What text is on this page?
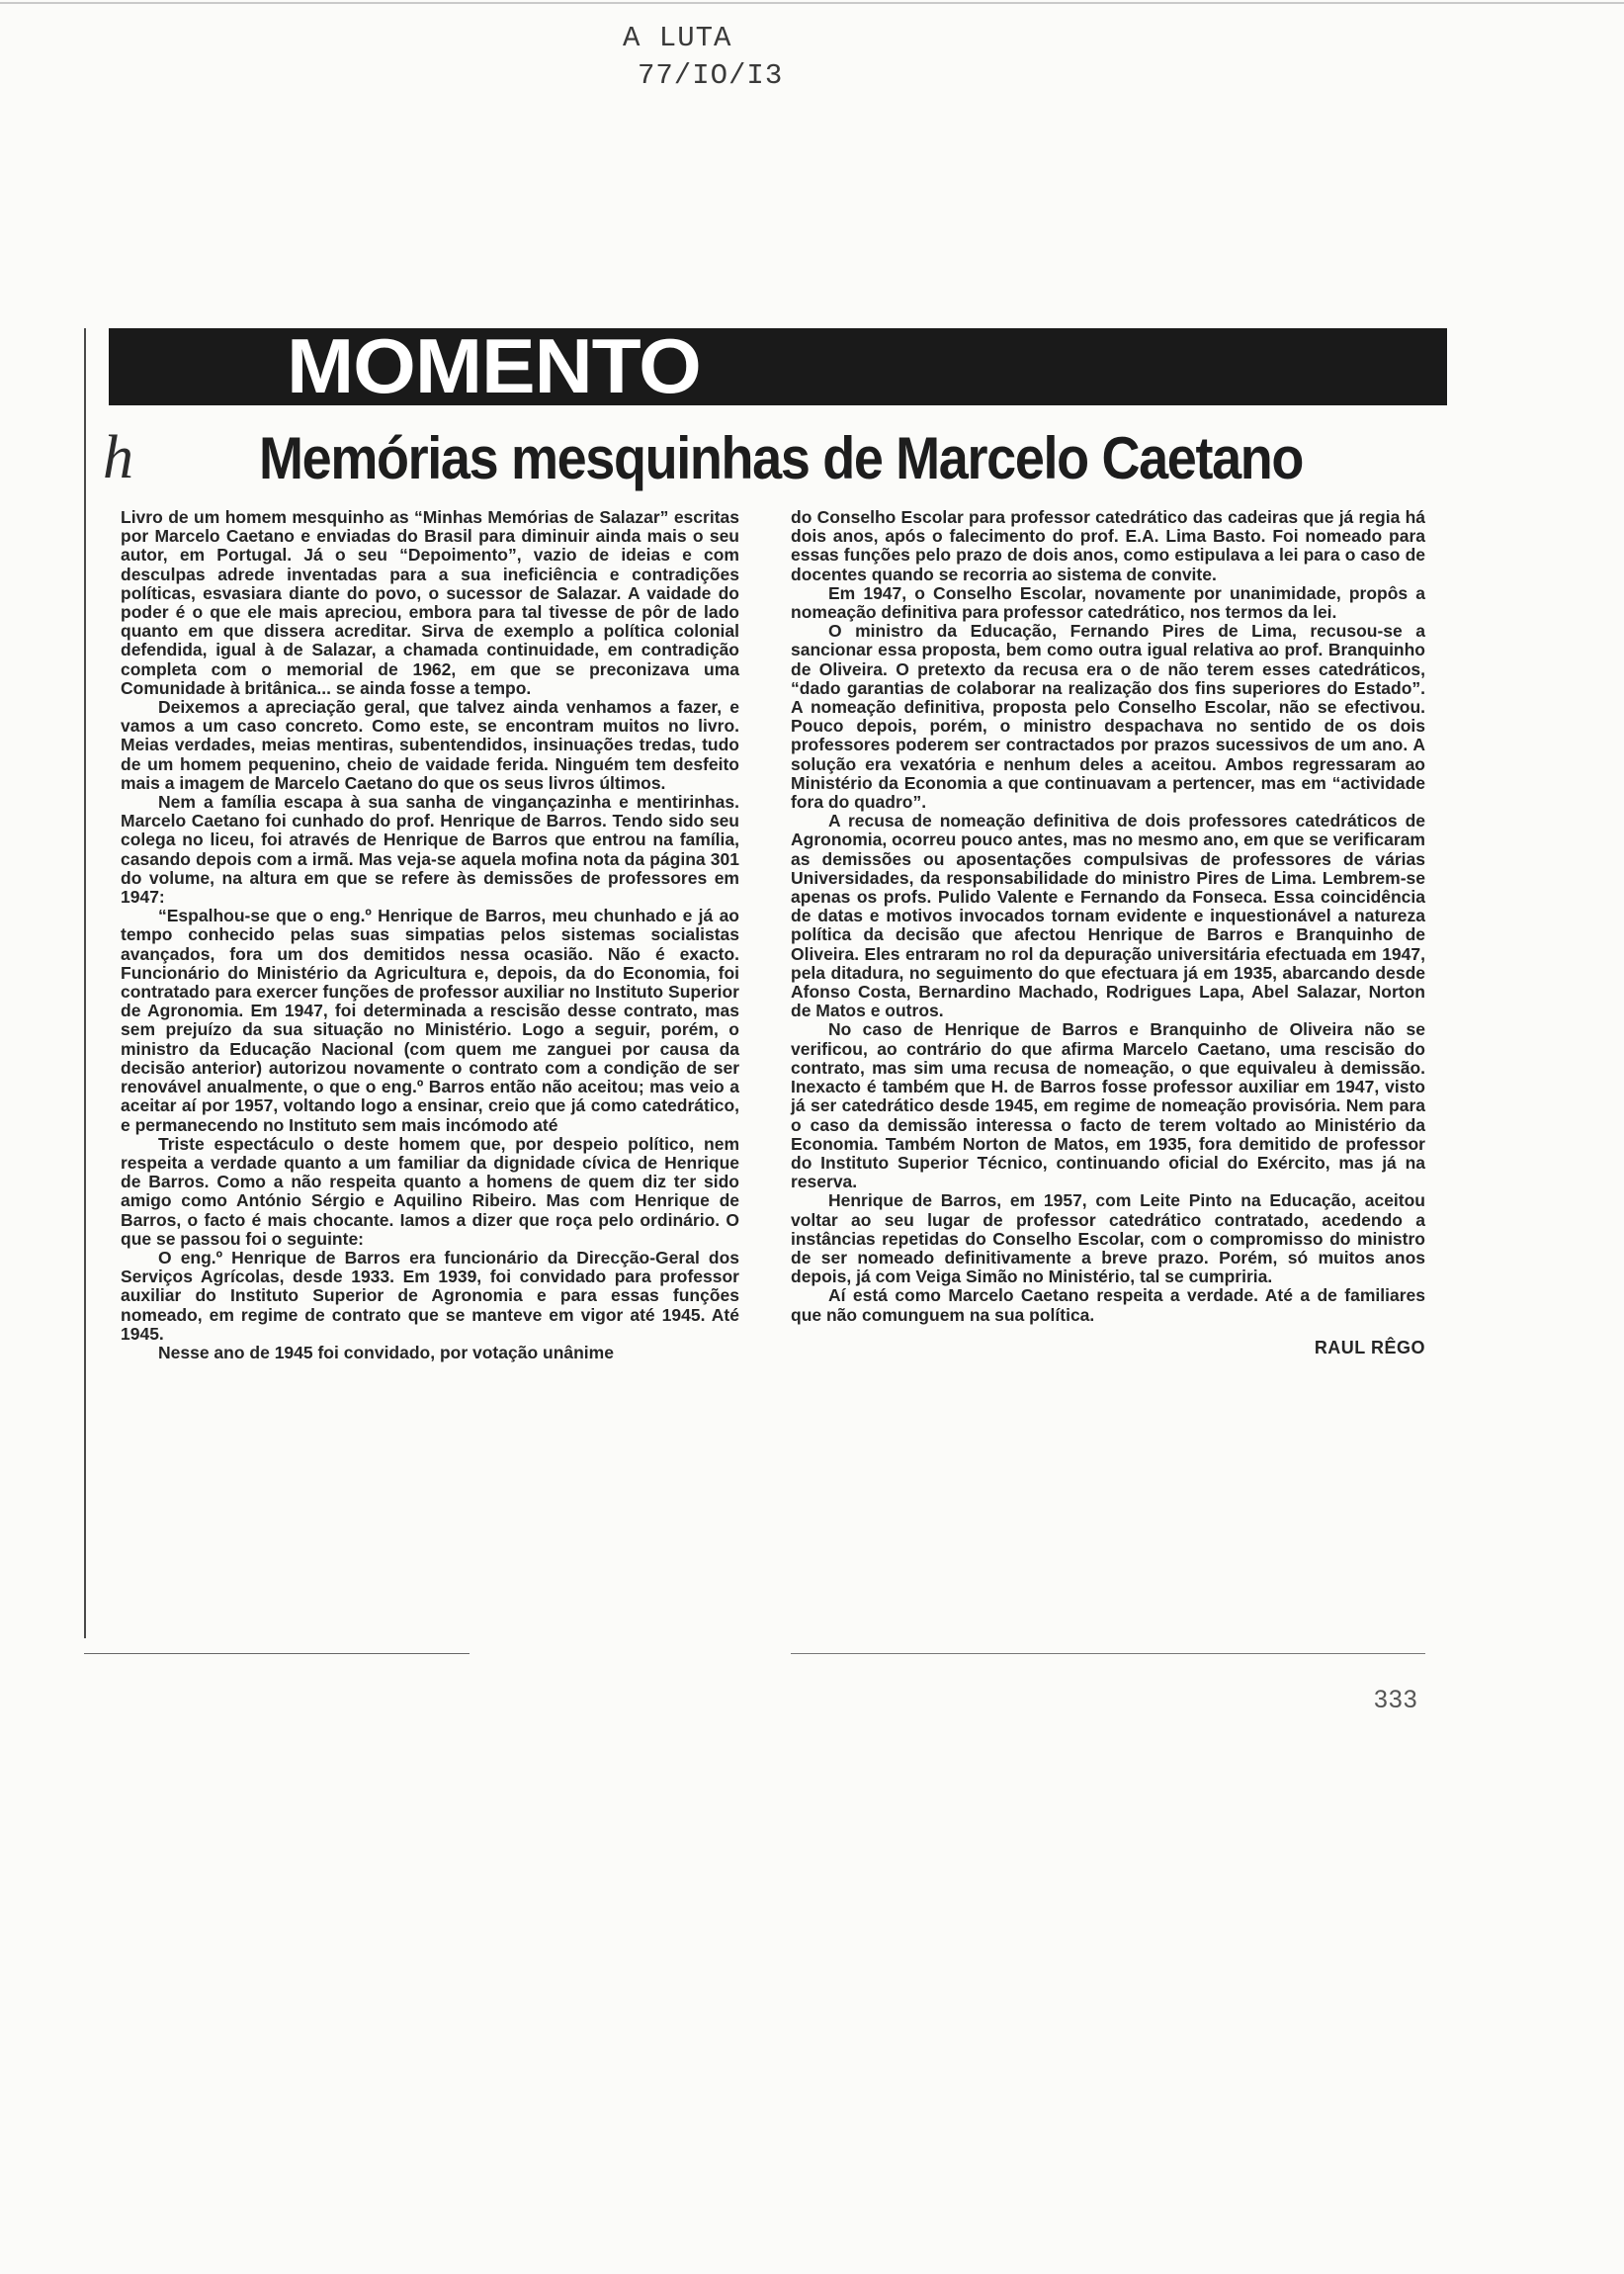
A LUTA
77/IO/I3
MOMENTO
h Memórias mesquinhas de Marcelo Caetano

Livro de um homem mesquinho as “Minhas Memórias de Salazar” escritas por Marcelo Caetano e enviadas do Brasil para diminuir ainda mais o seu autor, em Portugal. Já o seu “Depoimento”, vazio de ideias e com desculpas adrede inventadas para a sua ineficiência e contradições políticas, esvasiara diante do povo, o sucessor de Salazar. A vaidade do poder é o que ele mais apreciou, embora para tal tivesse de pôr de lado quanto em que dissera acreditar. Sirva de exemplo a política colonial defendida, igual à de Salazar, a chamada continuidade, em contradição completa com o memorial de 1962, em que se preconizava uma Comunidade à britânica... se ainda fosse a tempo.

Deixemos a apreciação geral, que talvez ainda venhamos a fazer, e vamos a um caso concreto. Como este, se encontram muitos no livro. Meias verdades, meias mentiras, subentendidos, insinuações tredas, tudo de um homem pequenino, cheio de vaidade ferida. Ninguém tem desfeito mais a imagem de Marcelo Caetano do que os seus livros últimos.

Nem a família escapa à sua sanha de vingançazinha e mentirinhas. Marcelo Caetano foi cunhado do prof. Henrique de Barros. Tendo sido seu colega no liceu, foi através de Henrique de Barros que entrou na família, casando depois com a irmã. Mas veja-se aquela mofina nota da página 301 do volume, na altura em que se refere às demissões de professores em 1947:

“Espalhou-se que o eng.º Henrique de Barros, meu chunhado e já ao tempo conhecido pelas suas simpatias pelos sistemas socialistas avançados, fora um dos demitidos nessa ocasião. Não é exacto. Funcionário do Ministério da Agricultura e, depois, da do Economia, foi contratado para exercer funções de professor auxiliar no Instituto Superior de Agronomia. Em 1947, foi determinada a rescisão desse contrato, mas sem prejuízo da sua situação no Ministério. Logo a seguir, porém, o ministro da Educação Nacional (com quem me zanguei por causa da decisão anterior) autorizou novamente o contrato com a condição de ser renovável anualmente, o que o eng.º Barros então não aceitou; mas veio a aceitar aí por 1957, voltando logo a ensinar, creio que já como catedrático, e permanecendo no Instituto sem mais incómodo até

Triste espectáculo o deste homem que, por despeio político, nem respeita a verdade quanto a um familiar da dignidade cívica de Henrique de Barros. Como a não respeita quanto a homens de quem diz ter sido amigo como António Sérgio e Aquilino Ribeiro. Mas com Henrique de Barros, o facto é mais chocante. Iamos a dizer que roça pelo ordinário. O que se passou foi o seguinte:

O eng.º Henrique de Barros era funcionário da Direcção-Geral dos Serviços Agrícolas, desde 1933. Em 1939, foi convidado para professor auxiliar do Instituto Superior de Agronomia e para essas funções nomeado, em regime de contrato que se manteve em vigor até 1945. Até 1945.

Nesse ano de 1945 foi convidado, por votação unânime

do Conselho Escolar para professor catedrático das cadeiras que já regia há dois anos, após o falecimento do prof. E.A. Lima Basto. Foi nomeado para essas funções pelo prazo de dois anos, como estipulava a lei para o caso de docentes quando se recorria ao sistema de convite.

Em 1947, o Conselho Escolar, novamente por unanimidade, propôs a nomeação definitiva para professor catedrático, nos termos da lei.

O ministro da Educação, Fernando Pires de Lima, recusou-se a sancionar essa proposta, bem como outra igual relativa ao prof. Branquinho de Oliveira. O pretexto da recusa era o de não terem esses catedráticos, “dado garantias de colaborar na realização dos fins superiores do Estado”. A nomeação definitiva, proposta pelo Conselho Escolar, não se efectivou. Pouco depois, porém, o ministro despachava no sentido de os dois professores poderem ser contractados por prazos sucessivos de um ano. A solução era vexatória e nenhum deles a aceitou. Ambos regressaram ao Ministério da Economia a que continuavam a pertencer, mas em “actividade fora do quadro”.

A recusa de nomeação definitiva de dois professores catedráticos de Agronomia, ocorreu pouco antes, mas no mesmo ano, em que se verificaram as demissões ou aposentações compulsivas de professores de várias Universidades, da responsabilidade do ministro Pires de Lima. Lembrem-se apenas os profs. Pulido Valente e Fernando da Fonseca. Essa coincidência de datas e motivos invocados tornam evidente e inquestionável a natureza política da decisão que afectou Henrique de Barros e Branquinho de Oliveira. Eles entraram no rol da depuração universitária efectuada em 1947, pela ditadura, no seguimento do que efectuara já em 1935, abarcando desde Afonso Costa, Bernardino Machado, Rodrigues Lapa, Abel Salazar, Norton de Matos e outros.

No caso de Henrique de Barros e Branquinho de Oliveira não se verificou, ao contrário do que afirma Marcelo Caetano, uma rescisão do contrato, mas sim uma recusa de nomeação, o que equivaleu à demissão. Inexacto é também que H. de Barros fosse professor auxiliar em 1947, visto já ser catedrático desde 1945, em regime de nomeação provisória. Nem para o caso da demissão interessa o facto de terem voltado ao Ministério da Economia. Também Norton de Matos, em 1935, fora demitido de professor do Instituto Superior Técnico, continuando oficial do Exército, mas já na reserva.

Henrique de Barros, em 1957, com Leite Pinto na Educação, aceitou voltar ao seu lugar de professor catedrático contratado, acedendo a instâncias repetidas do Conselho Escolar, com o compromisso do ministro de ser nomeado definitivamente a breve prazo. Porém, só muitos anos depois, já com Veiga Simão no Ministério, tal se cumpriria.

Aí está como Marcelo Caetano respeita a verdade. Até a de familiares que não comunguem na sua política.

RAUL RÊGO

333
